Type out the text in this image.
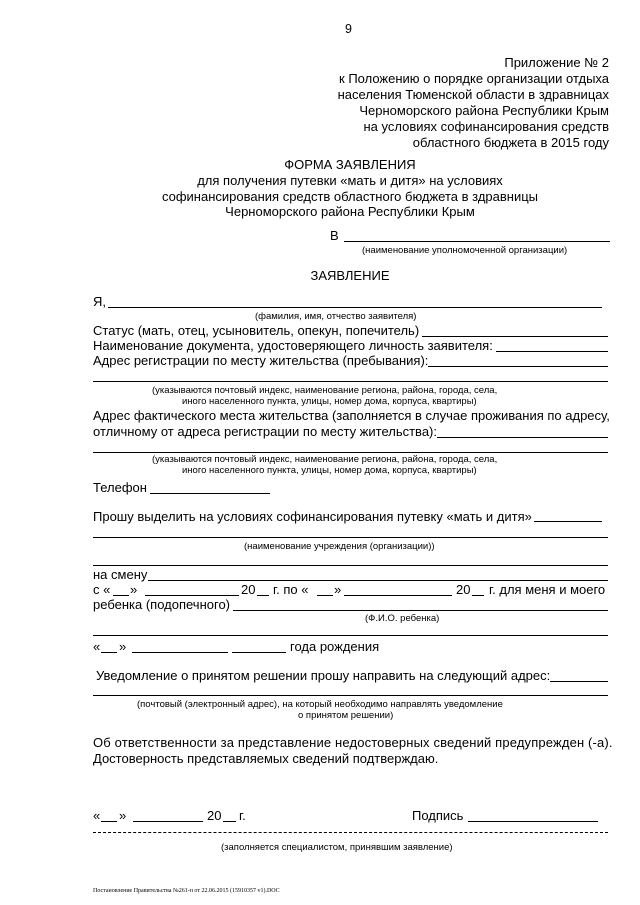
9
Приложение № 2
к Положению о порядке организации отдыха
населения Тюменской области в здравницах
Черноморского района Республики Крым
на условиях софинансирования средств
областного бюджета в 2015 году
ФОРМА ЗАЯВЛЕНИЯ
для получения путевки «мать и дитя» на условиях
софинансирования средств областного бюджета в здравницы
Черноморского района Республики Крым
В
(наименование уполномоченной организации)
ЗАЯВЛЕНИЕ
Я,
(фамилия, имя, отчество заявителя)
Статус (мать, отец, усыновитель, опекун, попечитель)
Наименование документа, удостоверяющего личность заявителя:
Адрес регистрации по месту жительства (пребывания):
(указываются почтовый индекс, наименование региона, района, города, села,
иного населенного пункта, улицы, номер дома, корпуса, квартиры)
Адрес фактического места жительства (заполняется в случае проживания по адресу,
отличному от адреса регистрации по месту жительства):
(указываются почтовый индекс, наименование региона, района, города, села,
иного населенного пункта, улицы, номер дома, корпуса, квартиры)
Телефон
Прошу выделить на условиях софинансирования путевку «мать и дитя»
(наименование учреждения (организации))
на смену
с « »	20 г. по « »	20 г. для меня и моего
ребенка (подопечного)
(Ф.И.О. ребенка)
« »	года рождения
Уведомление о принятом решении прошу направить на следующий адрес:
(почтовый (электронный адрес), на который необходимо направлять уведомление
о принятом решении)
Об ответственности за представление недостоверных сведений предупрежден (-а).
Достоверность представляемых сведений подтверждаю.
« »	20 г.	Подпись
(заполняется специалистом, принявшим заявление)
Постановление Правительства №261-п от 22.06.2015 (15910357 v1).DOC
